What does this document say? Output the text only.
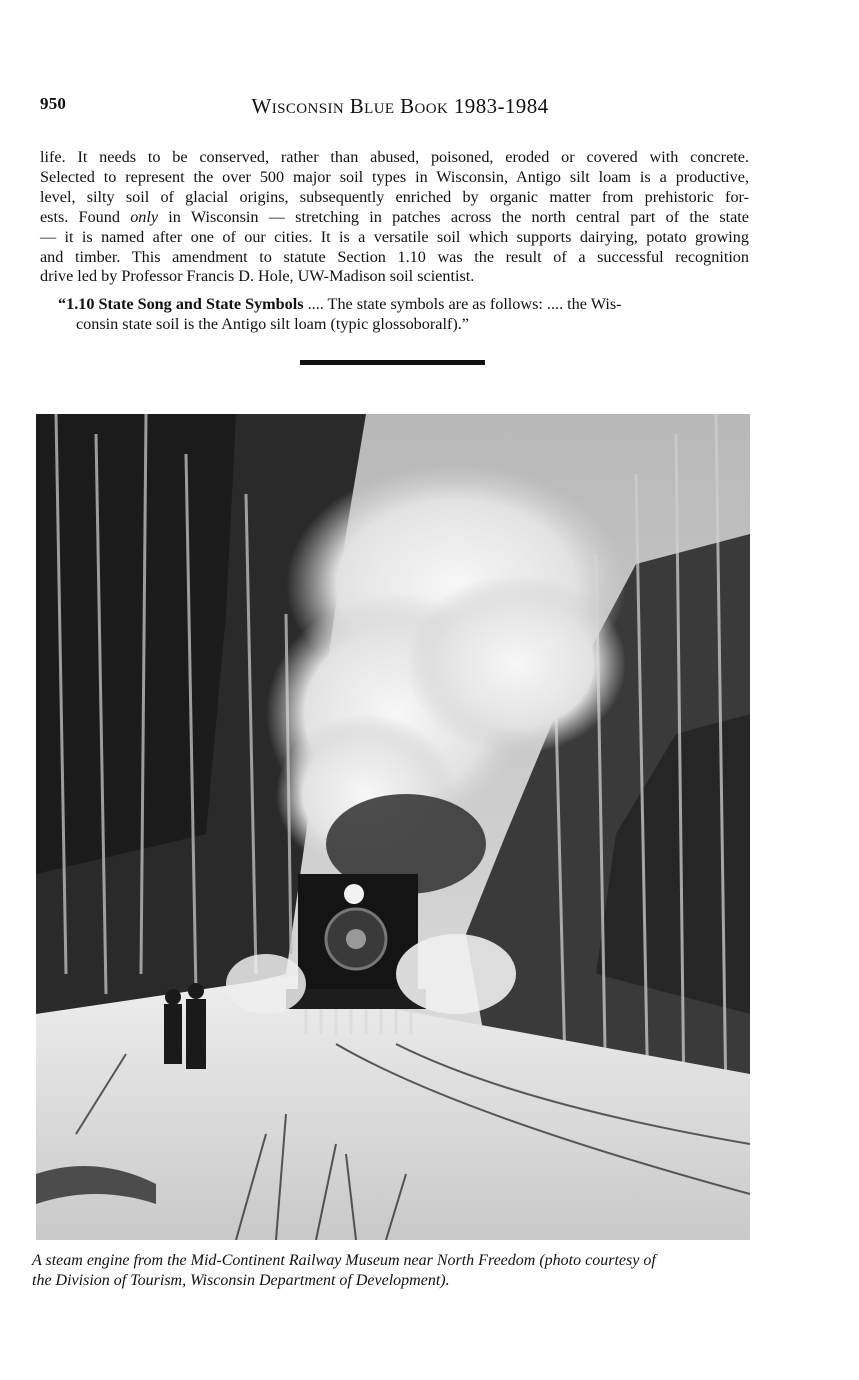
950	Wisconsin Blue Book 1983-1984
life. It needs to be conserved, rather than abused, poisoned, eroded or covered with concrete.
Selected to represent the over 500 major soil types in Wisconsin, Antigo silt loam is a productive,
level, silty soil of glacial origins, subsequently enriched by organic matter from prehistoric for-
ests. Found only in Wisconsin — stretching in patches across the north central part of the state
— it is named after one of our cities. It is a versatile soil which supports dairying, potato growing
and timber. This amendment to statute Section 1.10 was the result of a successful recognition
drive led by Professor Francis D. Hole, UW-Madison soil scientist.
“1.10 State Song and State Symbols .... The state symbols are as follows: .... the Wis-
consin state soil is the Antigo silt loam (typic glossoboralf).”
A steam engine from the Mid-Continent Railway Museum near North Freedom (photo courtesy of
the Division of Tourism, Wisconsin Department of Development).
